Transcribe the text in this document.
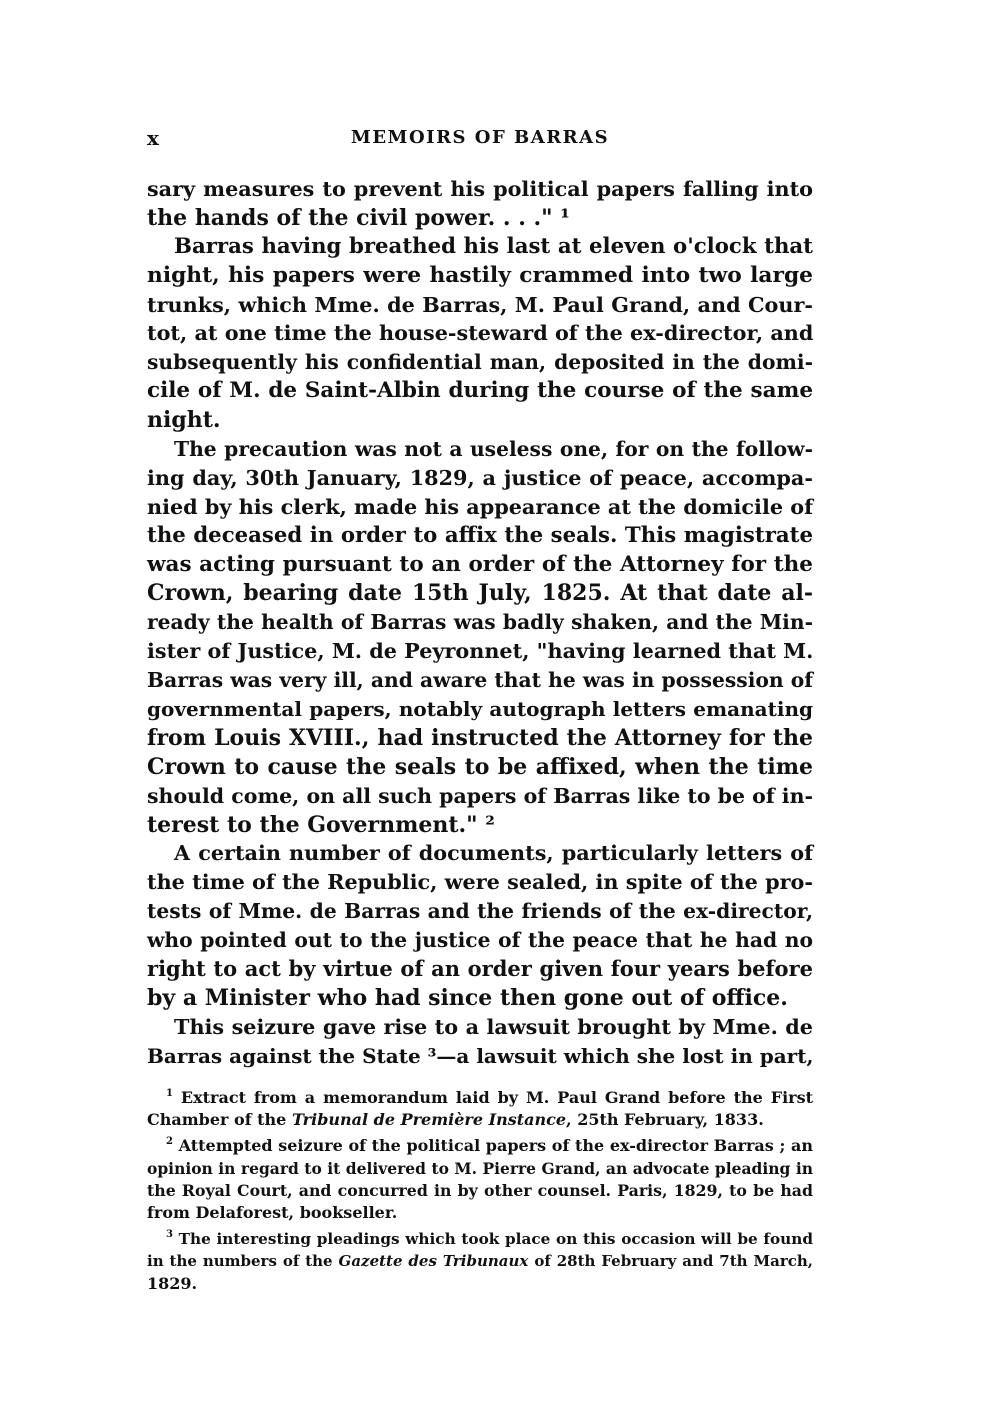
x	MEMOIRS OF BARRAS
sary measures to prevent his political papers falling into
the hands of the civil power. . . ." ¹
Barras having breathed his last at eleven o'clock that
night, his papers were hastily crammed into two large
trunks, which Mme. de Barras, M. Paul Grand, and Cour-
tot, at one time the house-steward of the ex-director, and
subsequently his confidential man, deposited in the domi-
cile of M. de Saint-Albin during the course of the same
night.
The precaution was not a useless one, for on the follow-
ing day, 30th January, 1829, a justice of peace, accompa-
nied by his clerk, made his appearance at the domicile of
the deceased in order to affix the seals. This magistrate
was acting pursuant to an order of the Attorney for the
Crown, bearing date 15th July, 1825. At that date al-
ready the health of Barras was badly shaken, and the Min-
ister of Justice, M. de Peyronnet, "having learned that M.
Barras was very ill, and aware that he was in possession of
governmental papers, notably autograph letters emanating
from Louis XVIII., had instructed the Attorney for the
Crown to cause the seals to be affixed, when the time
should come, on all such papers of Barras like to be of in-
terest to the Government." ²
A certain number of documents, particularly letters of
the time of the Republic, were sealed, in spite of the pro-
tests of Mme. de Barras and the friends of the ex-director,
who pointed out to the justice of the peace that he had no
right to act by virtue of an order given four years before
by a Minister who had since then gone out of office.
This seizure gave rise to a lawsuit brought by Mme. de
Barras against the State ³—a lawsuit which she lost in part,
$^1$ Extract from a memorandum laid by M. Paul Grand before the First
Chamber of the Tribunal de Première Instance, 25th February, 1833.
$^2$ Attempted seizure of the political papers of the ex-director Barras ; an
opinion in regard to it delivered to M. Pierre Grand, an advocate pleading in
the Royal Court, and concurred in by other counsel. Paris, 1829, to be had
from Delaforest, bookseller.
$^3$ The interesting pleadings which took place on this occasion will be found
in the numbers of the Gazette des Tribunaux of 28th February and 7th March,
1829.
